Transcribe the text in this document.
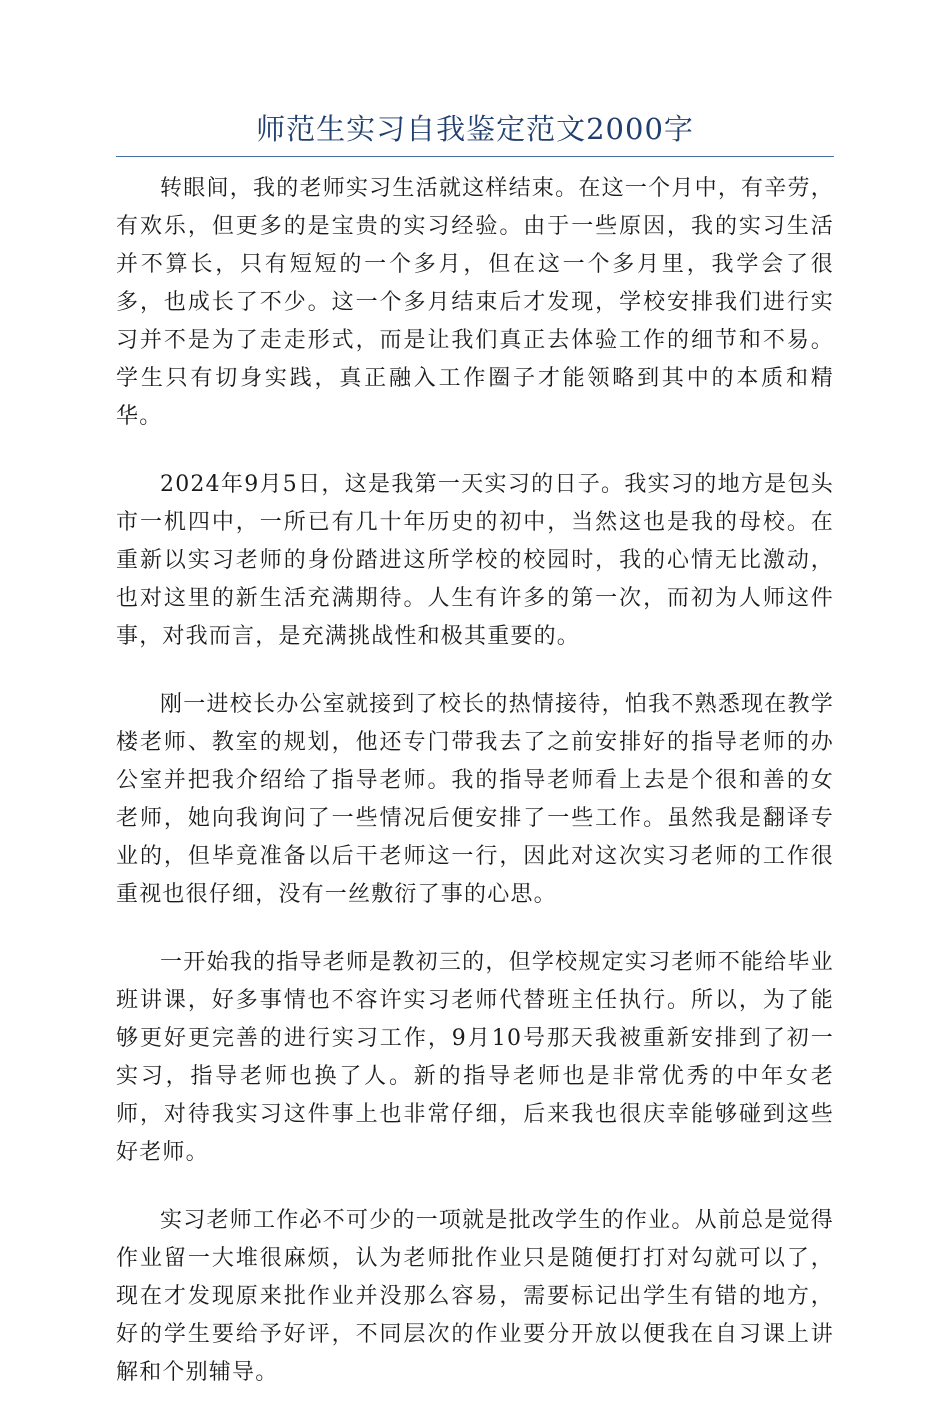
师范生实习自我鉴定范文2000字

转眼间，我的老师实习生活就这样结束。在这一个月中，有辛劳，有欢乐，但更多的是宝贵的实习经验。由于一些原因，我的实习生活并不算长，只有短短的一个多月，但在这一个多月里，我学会了很多，也成长了不少。这一个多月结束后才发现，学校安排我们进行实习并不是为了走走形式，而是让我们真正去体验工作的细节和不易。学生只有切身实践，真正融入工作圈子才能领略到其中的本质和精华。

2024年9月5日，这是我第一天实习的日子。我实习的地方是包头市一机四中，一所已有几十年历史的初中，当然这也是我的母校。在重新以实习老师的身份踏进这所学校的校园时，我的心情无比激动，也对这里的新生活充满期待。人生有许多的第一次，而初为人师这件事，对我而言，是充满挑战性和极其重要的。

刚一进校长办公室就接到了校长的热情接待，怕我不熟悉现在教学楼老师、教室的规划，他还专门带我去了之前安排好的指导老师的办公室并把我介绍给了指导老师。我的指导老师看上去是个很和善的女老师，她向我询问了一些情况后便安排了一些工作。虽然我是翻译专业的，但毕竟准备以后干老师这一行，因此对这次实习老师的工作很重视也很仔细，没有一丝敷衍了事的心思。

一开始我的指导老师是教初三的，但学校规定实习老师不能给毕业班讲课，好多事情也不容许实习老师代替班主任执行。所以，为了能够更好更完善的进行实习工作，9月10号那天我被重新安排到了初一实习，指导老师也换了人。新的指导老师也是非常优秀的中年女老师，对待我实习这件事上也非常仔细，后来我也很庆幸能够碰到这些好老师。

实习老师工作必不可少的一项就是批改学生的作业。从前总是觉得作业留一大堆很麻烦，认为老师批作业只是随便打打对勾就可以了，现在才发现原来批作业并没那么容易，需要标记出学生有错的地方，好的学生要给予好评，不同层次的作业要分开放以便我在自习课上讲解和个别辅导。
